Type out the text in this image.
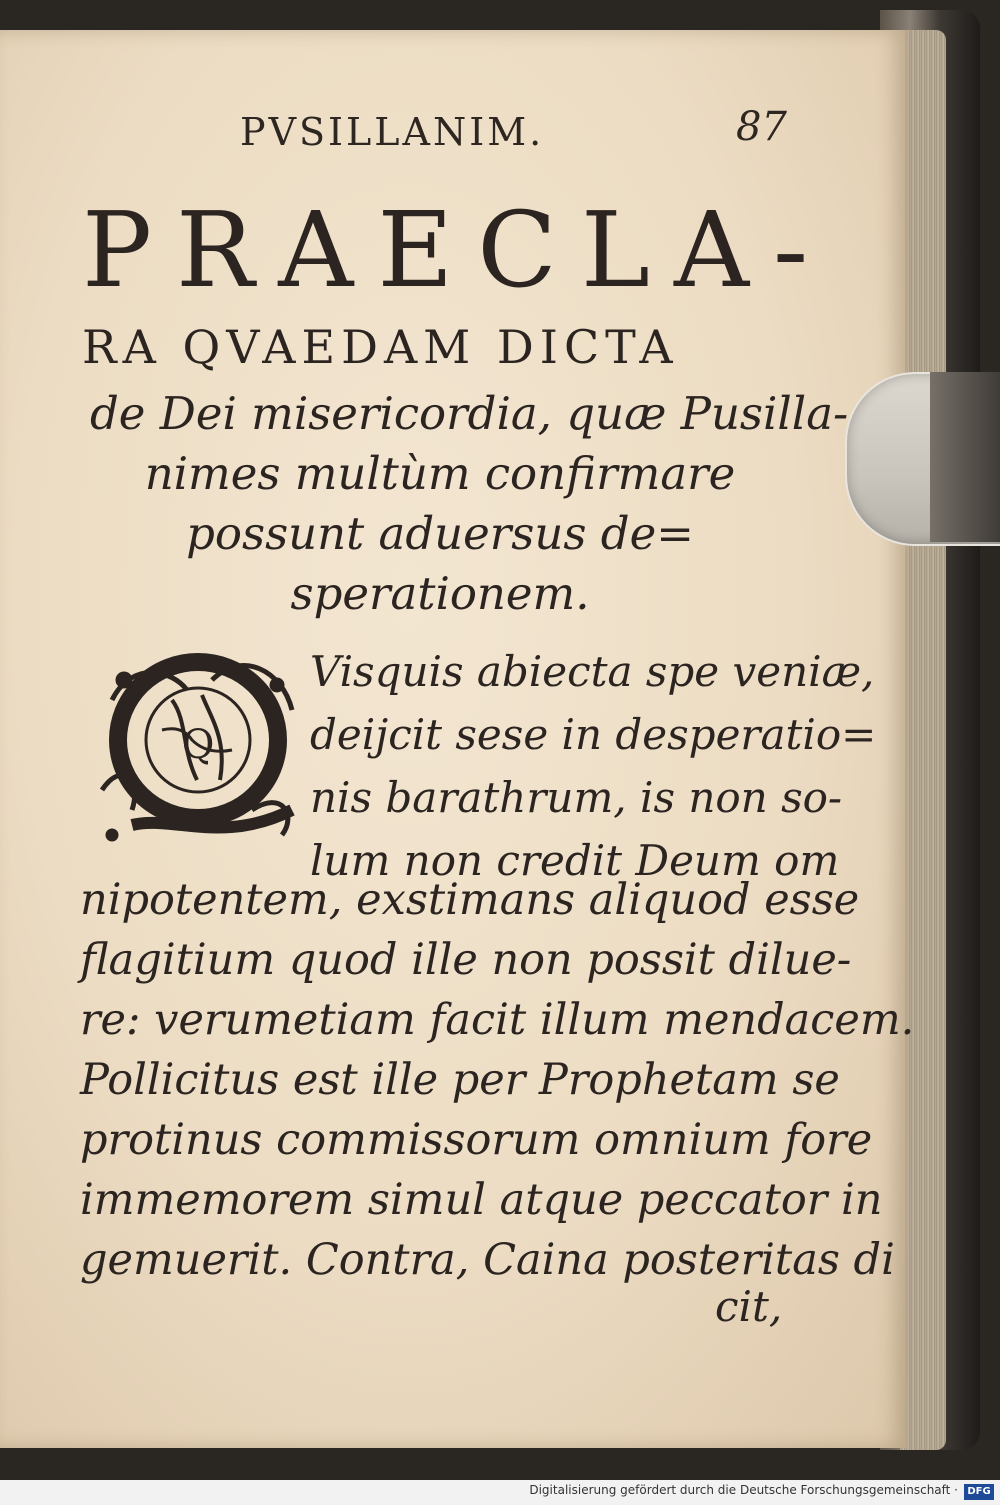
PVSILLANIM.	87
PRAECLA-
RA QVAEDAM DICTA
de Dei misericordia, quæ Pusilla-
nimes multùm confirmare
possunt aduersus de=
sperationem.
Q
Visquis abiecta spe veniæ,
deijcit sese in desperatio=
nis barathrum, is non so-
lum non credit Deum om
nipotentem, exstimans aliquod esse
flagitium quod ille non possit dilue-
re: verumetiam facit illum mendacem.
Pollicitus est ille per Prophetam se
protinus commissorum omnium fore
immemorem simul atque peccator in
gemuerit. Contra, Caina posteritas di
cit,
Digitalisierung gefördert durch die Deutsche Forschungsgemeinschaft · DFG
